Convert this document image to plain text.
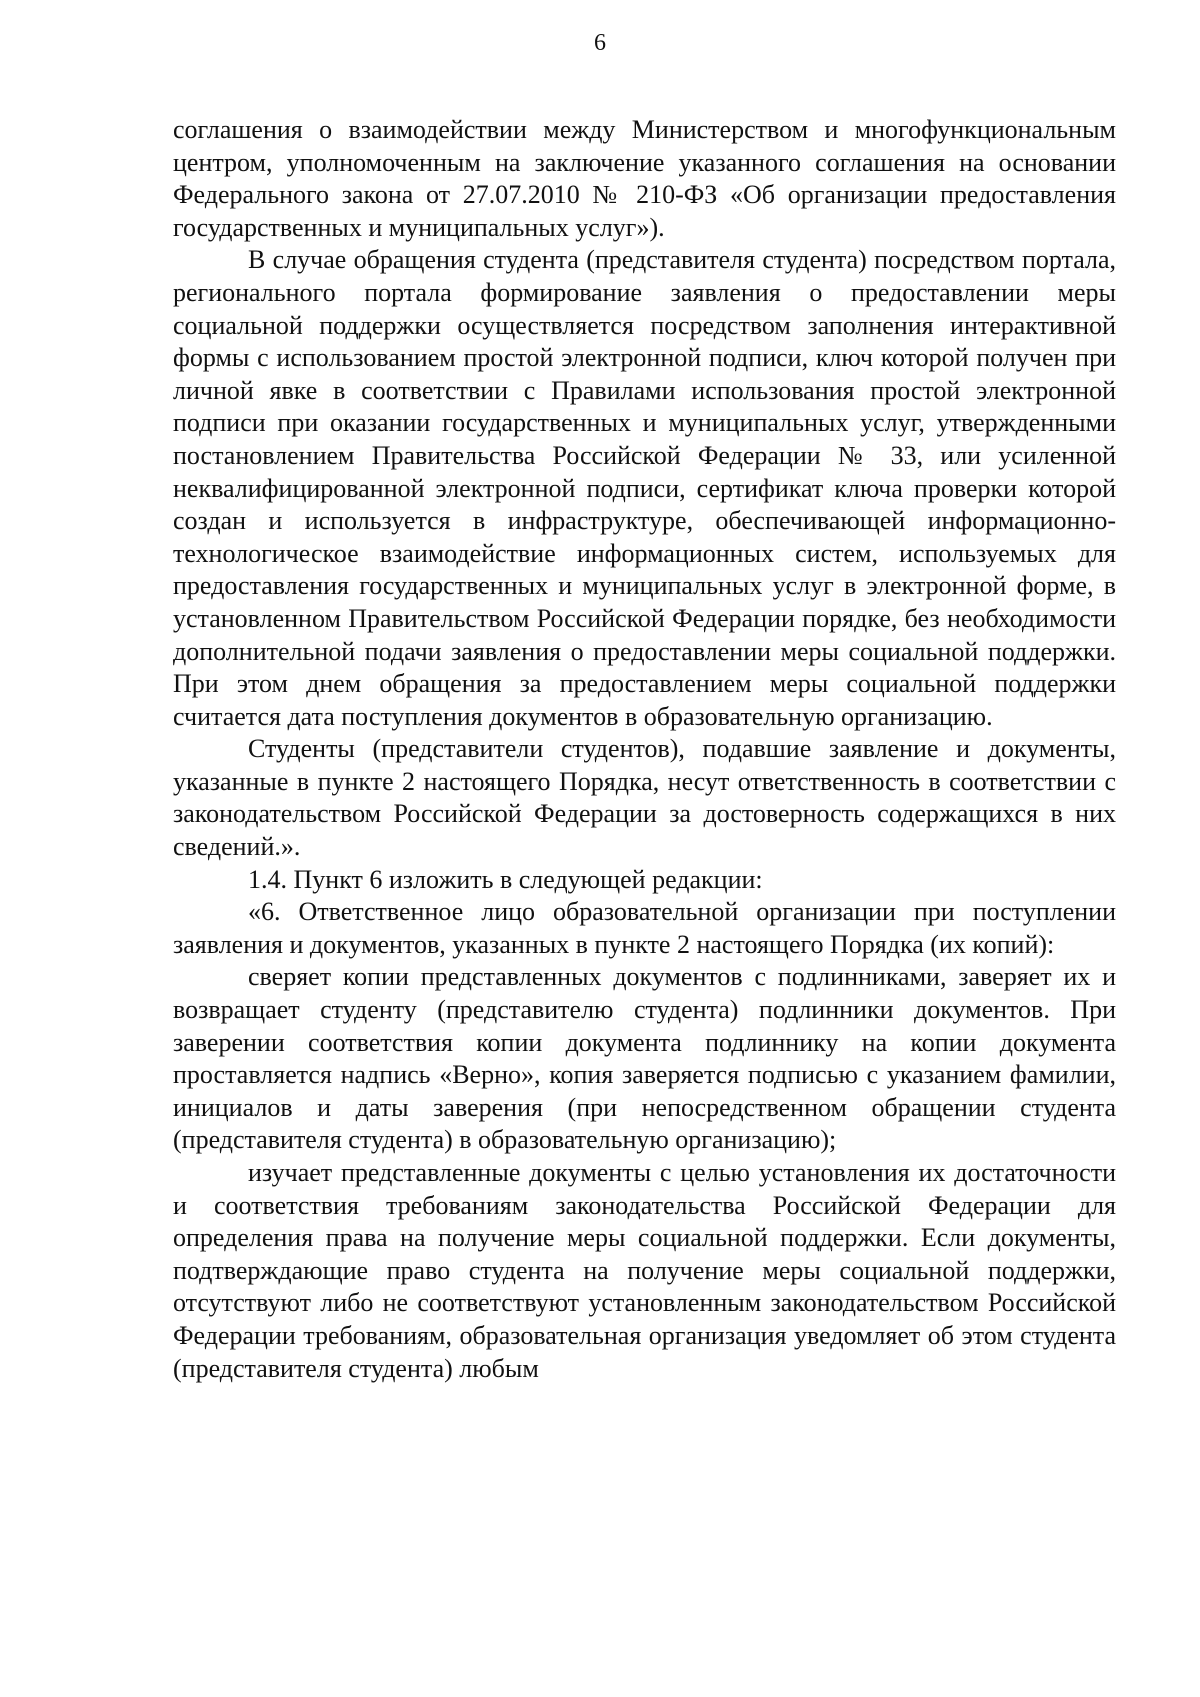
6

соглашения о взаимодействии между Министерством и многофункциональным центром, уполномоченным на заключение указанного соглашения на основании Федерального закона от 27.07.2010 № 210-ФЗ «Об организации предоставления государственных и муниципальных услуг»).

В случае обращения студента (представителя студента) посредством портала, регионального портала формирование заявления о предоставлении меры социальной поддержки осуществляется посредством заполнения интерактивной формы с использованием простой электронной подписи, ключ которой получен при личной явке в соответствии с Правилами использования простой электронной подписи при оказании государственных и муниципальных услуг, утвержденными постановлением Правительства Российской Федерации № 33, или усиленной неквалифицированной электронной подписи, сертификат ключа проверки которой создан и используется в инфраструктуре, обеспечивающей информационно-технологическое взаимодействие информационных систем, используемых для предоставления государственных и муниципальных услуг в электронной форме, в установленном Правительством Российской Федерации порядке, без необходимости дополнительной подачи заявления о предоставлении меры социальной поддержки. При этом днем обращения за предоставлением меры социальной поддержки считается дата поступления документов в образовательную организацию.

Студенты (представители студентов), подавшие заявление и документы, указанные в пункте 2 настоящего Порядка, несут ответственность в соответствии с законодательством Российской Федерации за достоверность содержащихся в них сведений.».

1.4. Пункт 6 изложить в следующей редакции:

«6. Ответственное лицо образовательной организации при поступлении заявления и документов, указанных в пункте 2 настоящего Порядка (их копий):

сверяет копии представленных документов с подлинниками, заверяет их и возвращает студенту (представителю студента) подлинники документов. При заверении соответствия копии документа подлиннику на копии документа проставляется надпись «Верно», копия заверяется подписью с указанием фамилии, инициалов и даты заверения (при непосредственном обращении студента (представителя студента) в образовательную организацию);

изучает представленные документы с целью установления их достаточности и соответствия требованиям законодательства Российской Федерации для определения права на получение меры социальной поддержки. Если документы, подтверждающие право студента на получение меры социальной поддержки, отсутствуют либо не соответствуют установленным законодательством Российской Федерации требованиям, образовательная организация уведомляет об этом студента (представителя студента) любым
